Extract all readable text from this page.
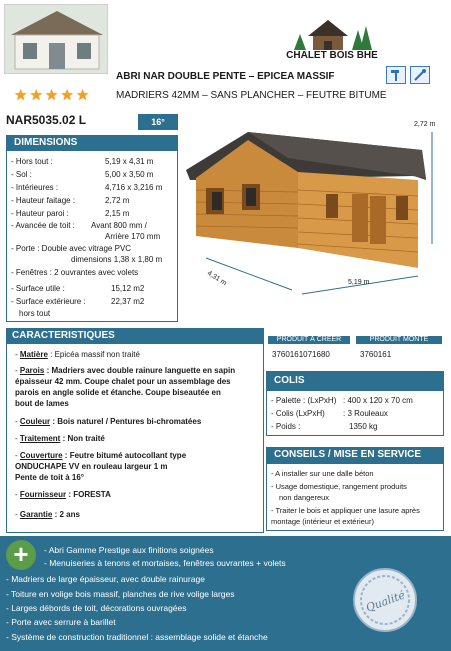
★ ★ ★ ★ ★
CHALET BOIS BHE
ABRI NAR DOUBLE PENTE – EPICEA MASSIF
MADRIERS 42MM – SANS PLANCHER – FEUTRE BITUME
NAR5035.02 L	16°
DIMENSIONS
- Hors tout :	5,19 x 4,31 m
- Sol :	5,00 x 3,50 m
- Intérieures :	4,716 x 3,216 m
- Hauteur faitage :	2,72 m
- Hauteur paroi :	2,15 m
- Avancée de toit : Avant 800 mm /
Arrière 170 mm
- Porte : Double avec vitrage PVC
dimensions 1,38 x 1,80 m
- Fenêtres : 2 ouvrantes avec volets
- Surface utile :	15,12 m2
- Surface extérieure :	22,37 m2
hors tout
2,72 m
4,31 m	5,19 m
CARACTERISTIQUES
- Matière : Epicéa massif non traité
- Parois : Madriers avec double rainure languette en sapin
épaisseur 42 mm. Coupe chalet pour un assemblage des
parois en angle solide et étanche. Coupe biseautée en
bout de lames
- Couleur : Bois naturel / Pentures bi-chromatées
- Traitement : Non traité
- Couverture : Feutre bitumé autocollant type
ONDUCHAPE VV en rouleau largeur 1 m
Pente de toit à 16°
- Fournisseur : FORESTA
- Garantie : 2 ans
PRODUIT À CRÉER	PRODUIT MONTÉ
3760161071680	3760161
COLIS
- Palette : (LxPxH) : 400 x 120 x 70 cm
- Colis (LxPxH) : 3 Rouleaux
- Poids :	1350 kg
CONSEILS / MISE EN SERVICE
- A installer sur une dalle béton
- Usage domestique, rangement produits
non dangereux
- Traiter le bois et appliquer une lasure après
montage (intérieur et extérieur)
+	- Abri Gamme Prestige aux finitions soignées
- Menuiseries à tenons et mortaises, fenêtres ouvrantes + volets
- Madriers de large épaisseur, avec double rainurage
- Toiture en volige bois massif, planches de rive volige larges
- Larges débords de toit, décorations ouvragées
- Porte avec serrure à barillet
- Système de construction traditionnel : assemblage solide et étanche
Qualité
